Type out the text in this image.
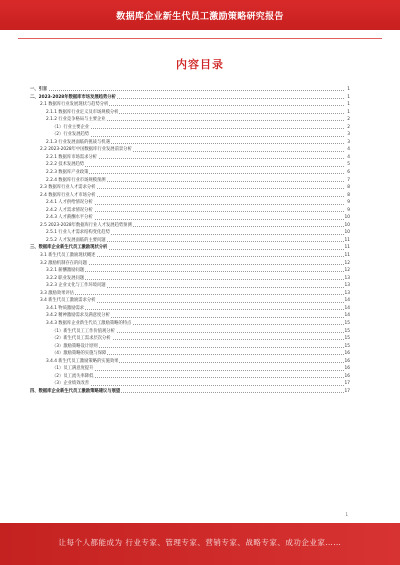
数据库企业新生代员工激励策略研究报告
内容目录
一、引言	1
二、2023-2028年数据库市场发展趋势分析	1
2.1 数据库行业发展现状与趋势分析	1
2.1.1 数据库行业定义及市场规模分析	1
2.1.2 行业竞争格局与主要企业	2
（1）行业主要企业	2
（2）行业发展趋势	3
2.1.3 行业发展面临的挑战与机遇	3
2.2 2023-2028年中国数据库行业发展前景分析	4
2.2.1 数据库市场需求分析	4
2.2.2 技术发展趋势	5
2.2.3 数据库产业政策	6
2.2.4 数据库行业市场规模预测	7
2.3 数据库行业人才需求分析	8
2.4 数据库行业人才市场分析	8
2.4.1 人才供给情况分析	9
2.4.2 人才需求情况分析	9
2.4.3 人才薪酬水平分析	10
2.5 2023-2028年数据库行业人才发展趋势预测	10
2.5.1 行业人才需求结构变化趋势	10
2.5.2 人才发展面临的主要问题	11
三、数据库企业新生代员工激励现状分析	11
3.1 新生代员工激励现状概述	11
3.2 激励机制存在的问题	12
3.2.1 薪酬激励问题	12
3.2.2 职业发展问题	13
3.2.3 企业文化与工作环境问题	13
3.3 激励效果评估	13
3.4 新生代员工激励需求分析	14
3.4.1 物质激励需求	14
3.4.2 精神激励需求及满意度分析	14
3.4.3 数据库企业新生代员工激励策略的特点	15
（1）新生代员工工作价值观分析	15
（2）新生代员工需求层次分析	15
（3）激励策略设计原则	15
（4）激励策略的实施与保障	16
3.4.4 新生代员工激励策略的实施效果	16
（1）员工满意度提升	16
（2）员工流失率降低	16
（3）企业绩效改善	17
四、数据库企业新生代员工激励策略建议与展望	17
1
让每个人都能成为 行业专家、管理专家、营销专家、战略专家、成功企业家……
